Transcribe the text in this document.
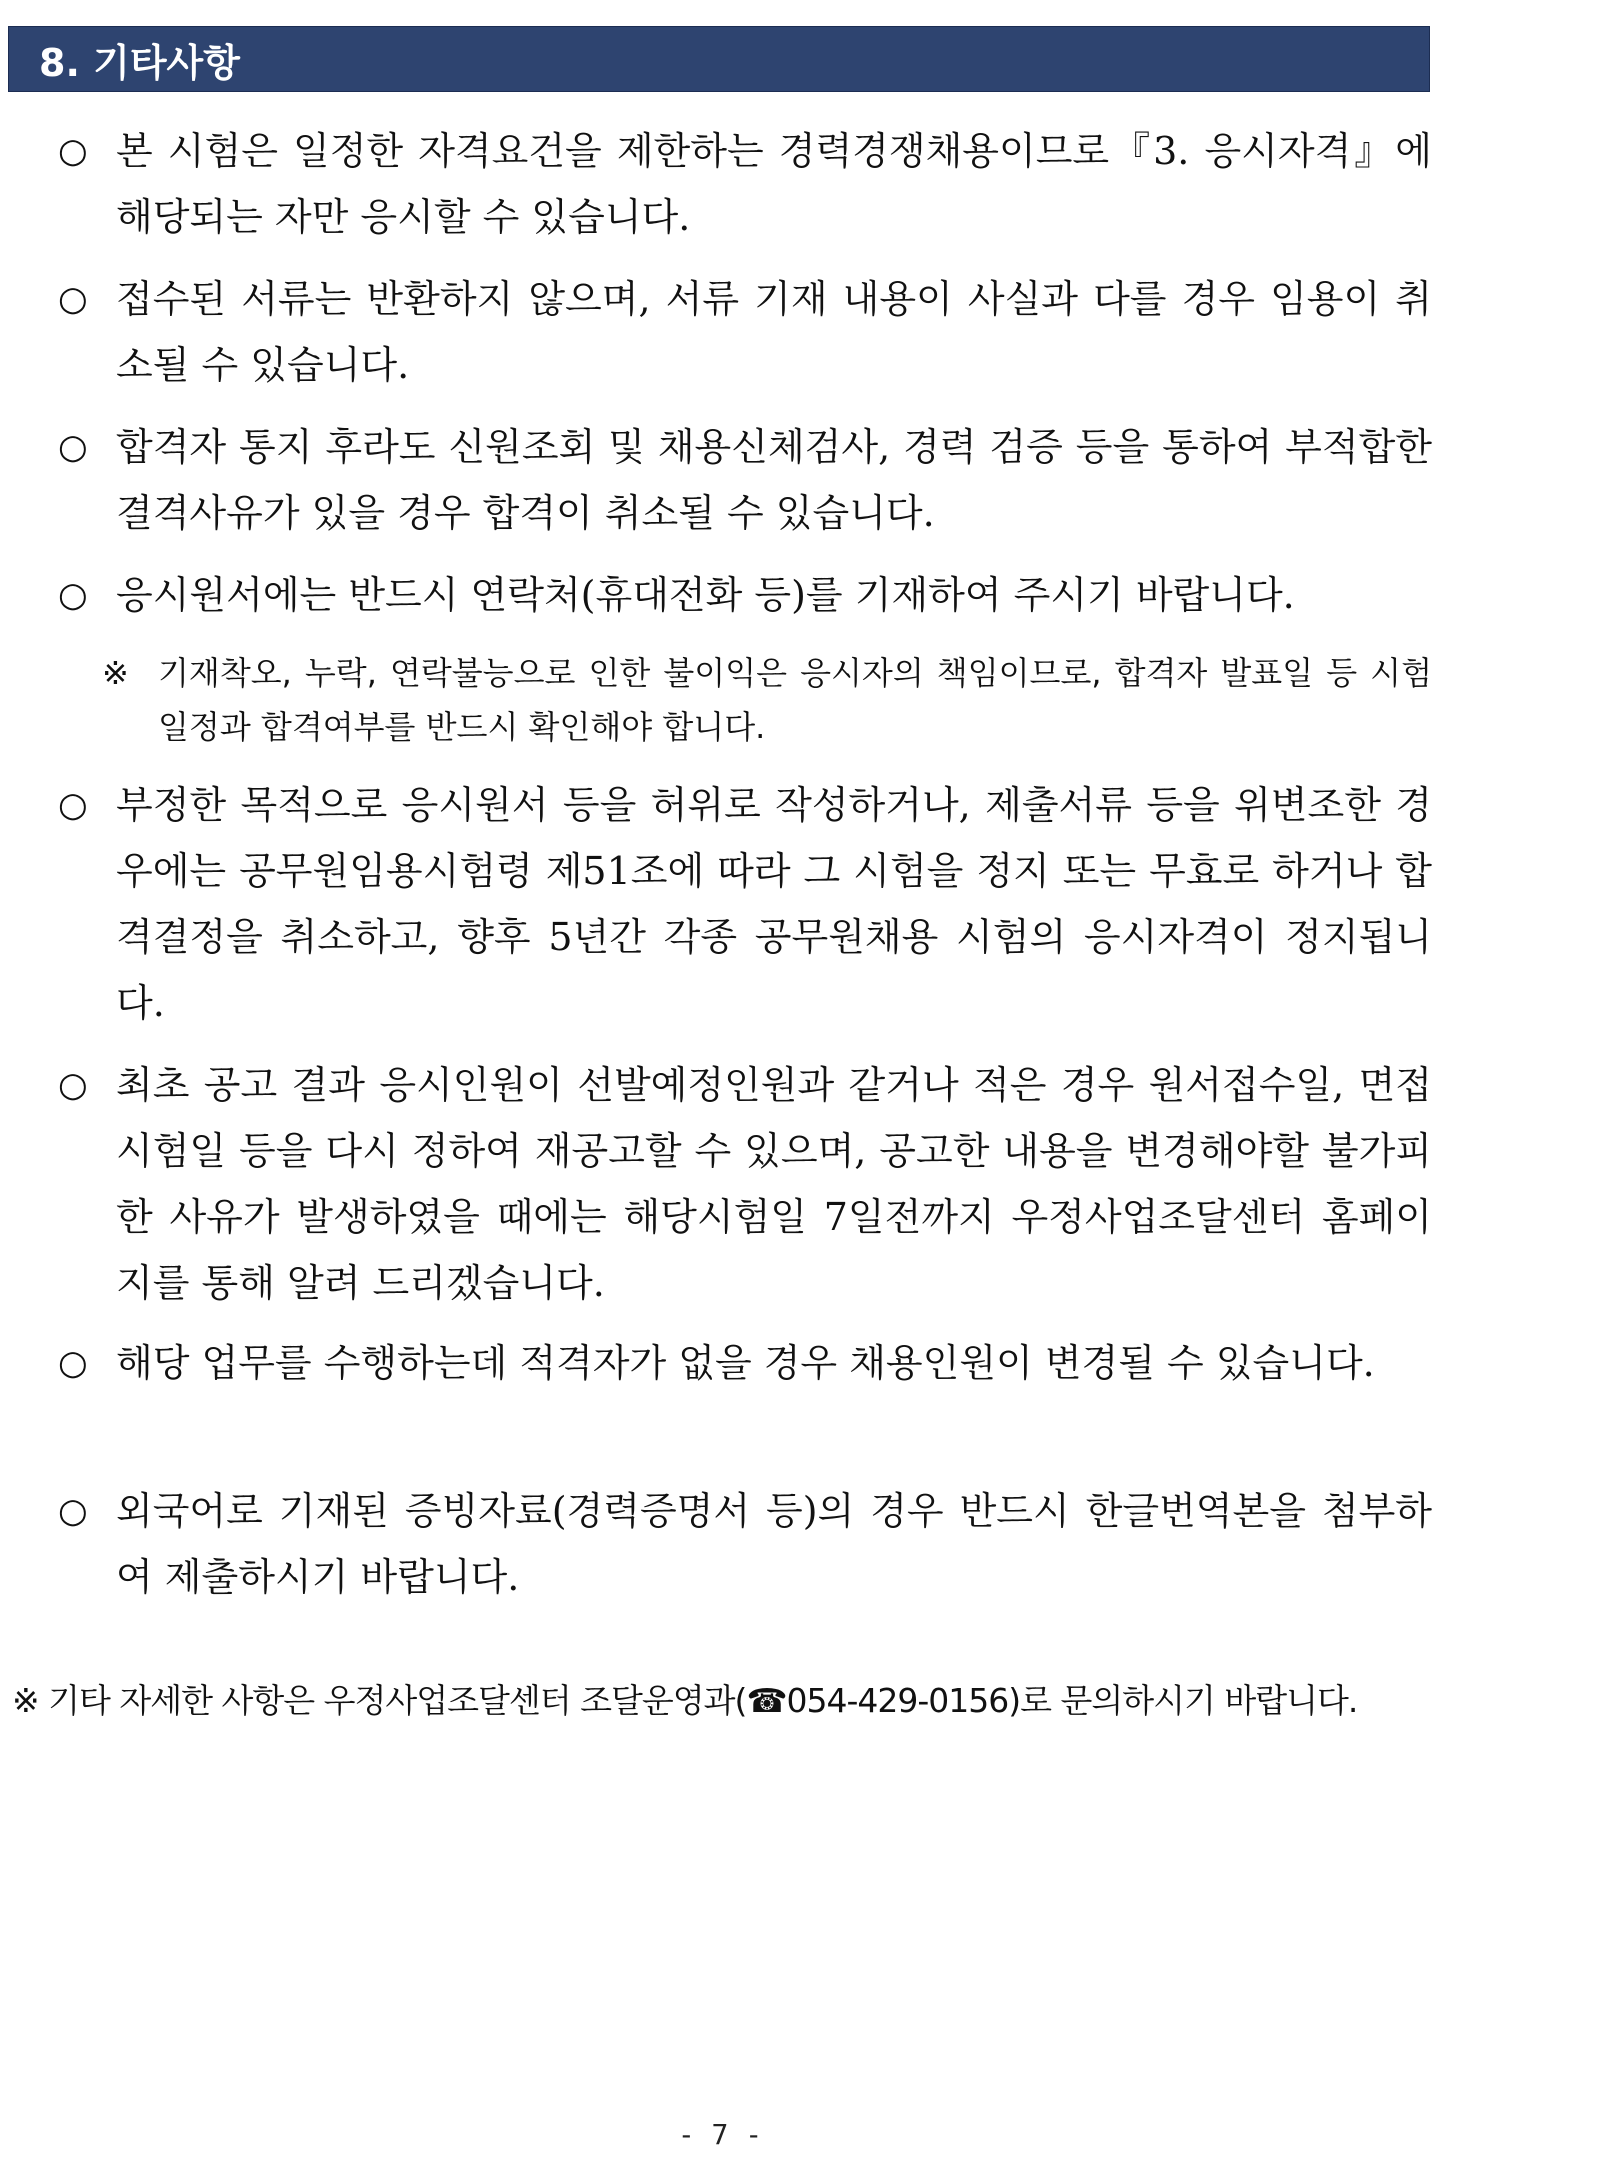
8. 기타사항
○ 본 시험은 일정한 자격요건을 제한하는 경력경쟁채용이므로『3. 응시자격』에 해당되는 자만 응시할 수 있습니다.
○ 접수된 서류는 반환하지 않으며, 서류 기재 내용이 사실과 다를 경우 임용이 취소될 수 있습니다.
○ 합격자 통지 후라도 신원조회 및 채용신체검사, 경력 검증 등을 통하여 부적합한 결격사유가 있을 경우 합격이 취소될 수 있습니다.
○ 응시원서에는 반드시 연락처(휴대전화 등)를 기재하여 주시기 바랍니다.
※ 기재착오, 누락, 연락불능으로 인한 불이익은 응시자의 책임이므로, 합격자 발표일 등 시험일정과 합격여부를 반드시 확인해야 합니다.
○ 부정한 목적으로 응시원서 등을 허위로 작성하거나, 제출서류 등을 위변조한 경우에는 공무원임용시험령 제51조에 따라 그 시험을 정지 또는 무효로 하거나 합격결정을 취소하고, 향후 5년간 각종 공무원채용 시험의 응시자격이 정지됩니다.
○ 최초 공고 결과 응시인원이 선발예정인원과 같거나 적은 경우 원서접수일, 면접시험일 등을 다시 정하여 재공고할 수 있으며, 공고한 내용을 변경해야할 불가피한 사유가 발생하였을 때에는 해당시험일 7일전까지 우정사업조달센터 홈페이지를 통해 알려 드리겠습니다.
○ 해당 업무를 수행하는데 적격자가 없을 경우 채용인원이 변경될 수 있습니다.
○ 외국어로 기재된 증빙자료(경력증명서 등)의 경우 반드시 한글번역본을 첨부하여 제출하시기 바랍니다.
※ 기타 자세한 사항은 우정사업조달센터 조달운영과(☎054-429-0156)로 문의하시기 바랍니다.
- 7 -
